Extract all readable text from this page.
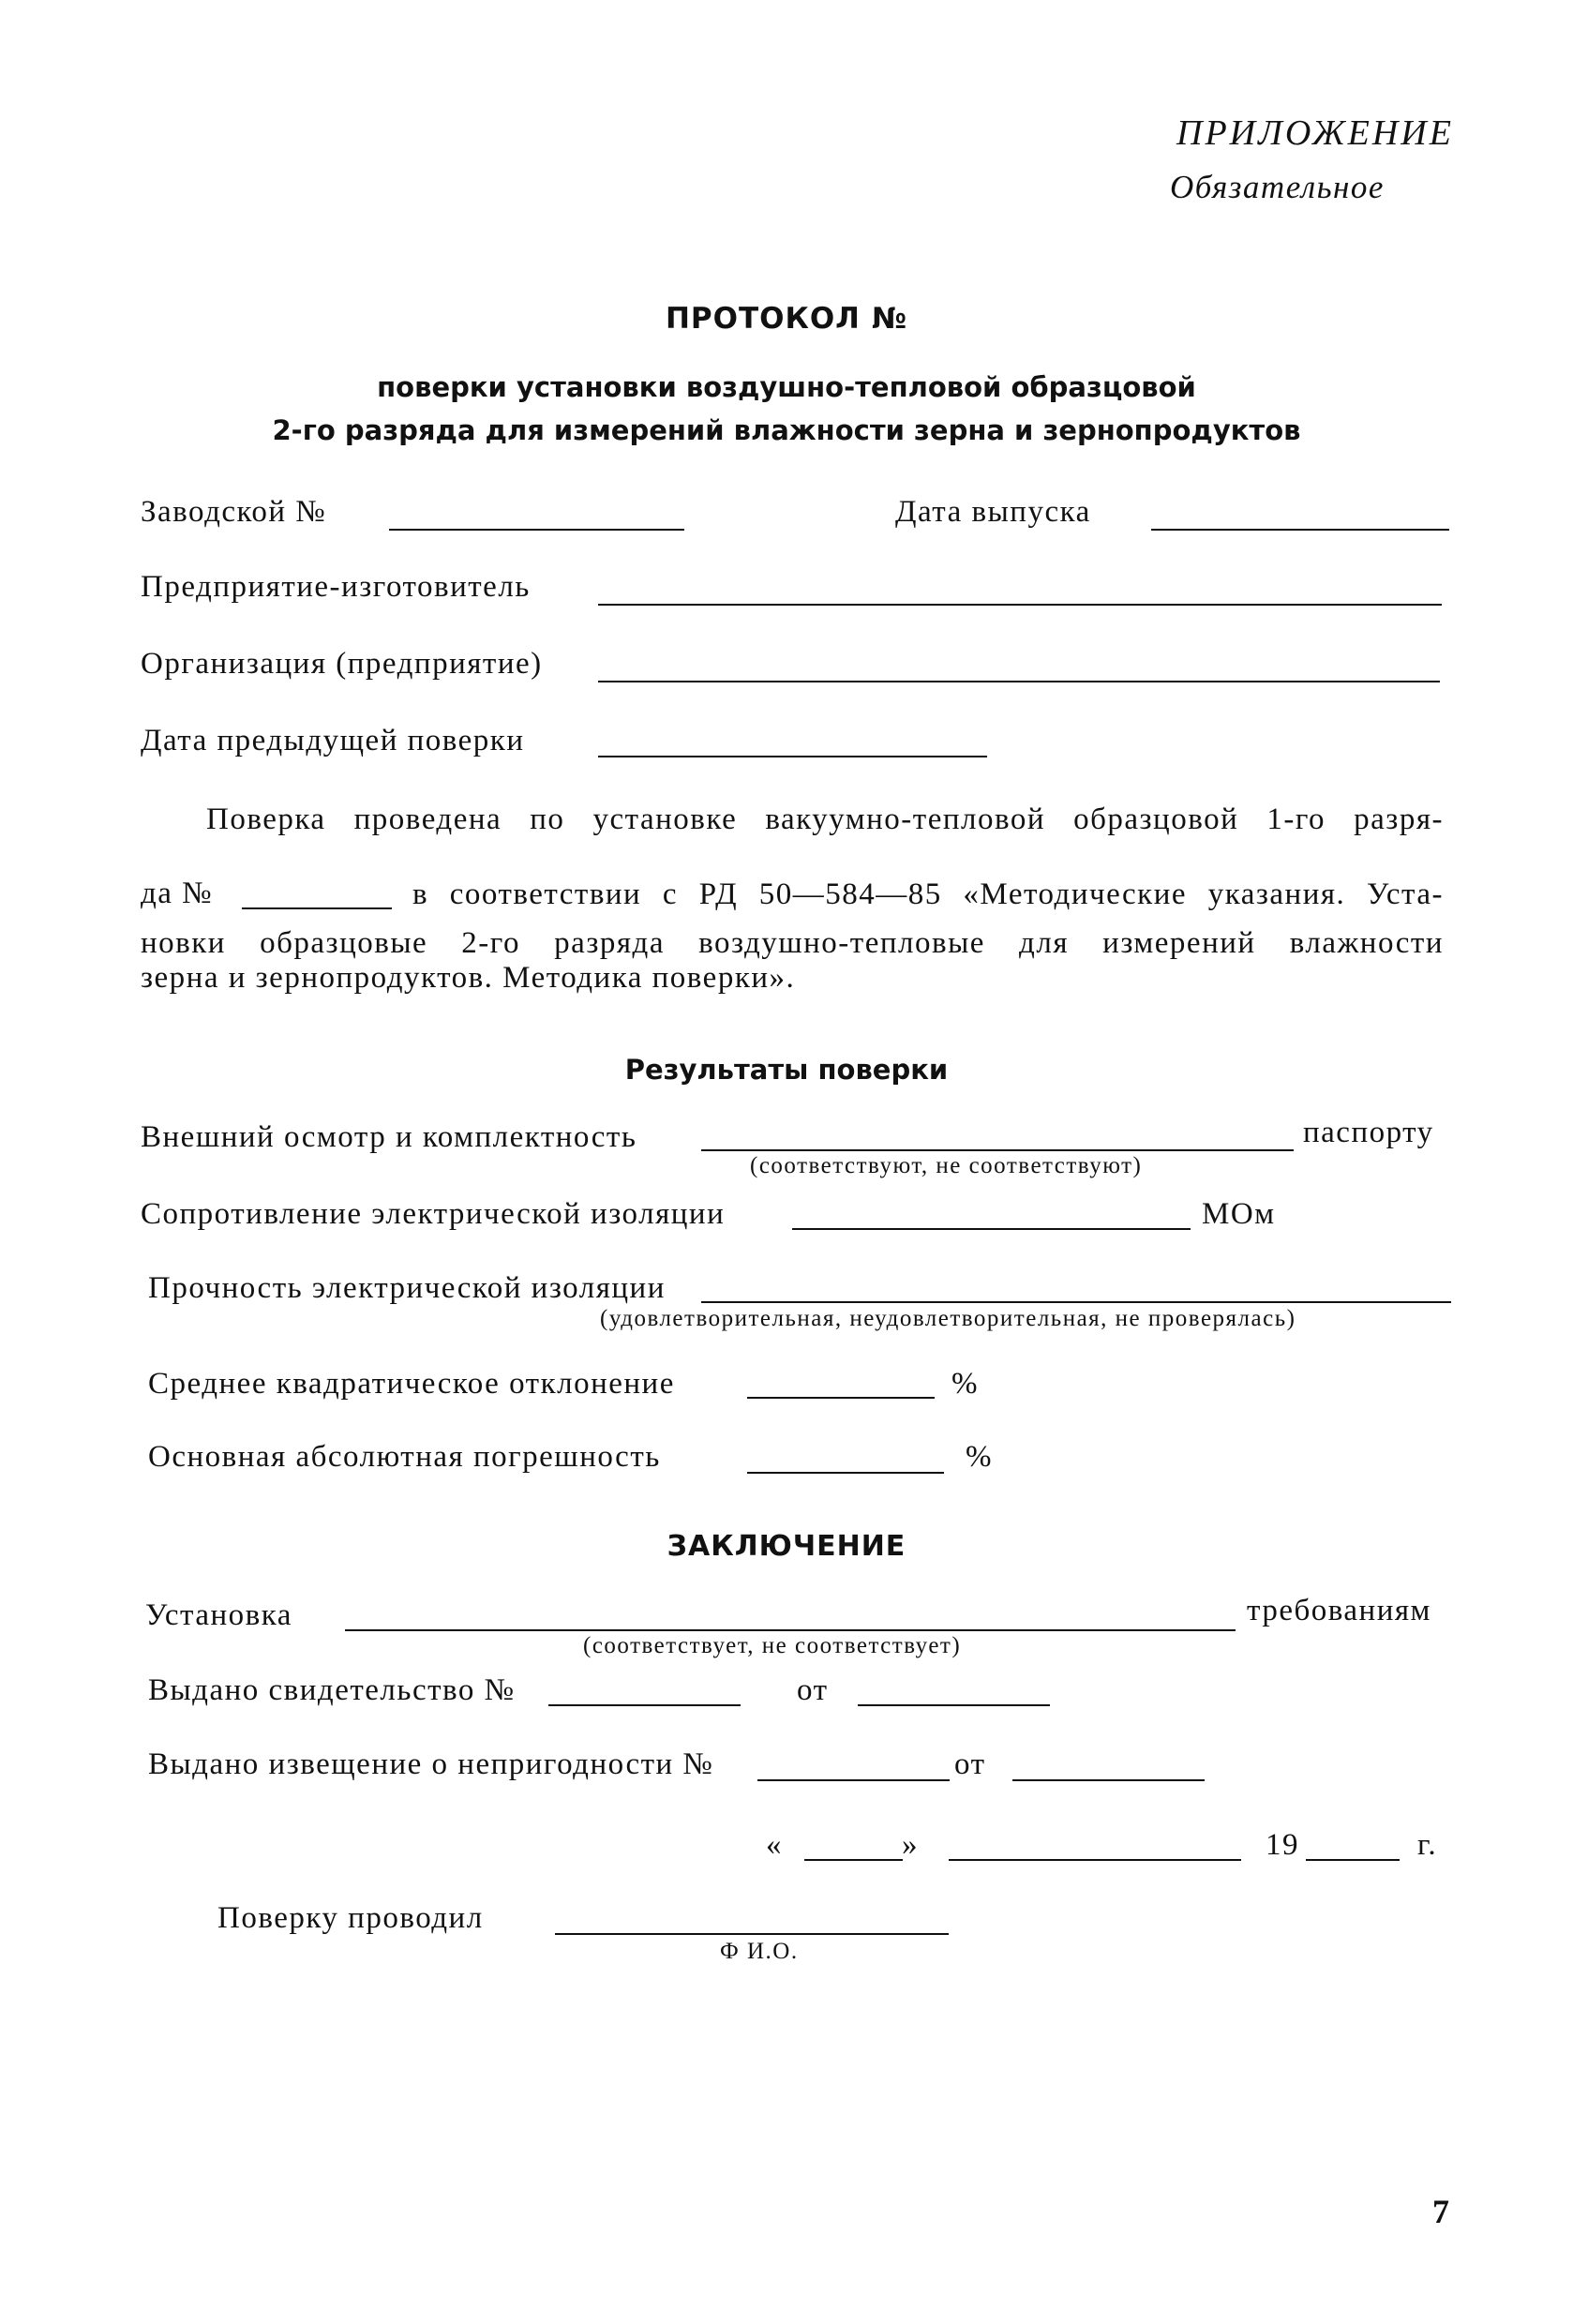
ПРИЛОЖЕНИЕ
Обязательное
ПРОТОКОЛ №
поверки установки воздушно-тепловой образцовой
2-го разряда для измерений влажности зерна и зернопродуктов
Заводской №	Дата выпуска
Предприятие-изготовитель
Организация (предприятие)
Дата предыдущей поверки
Поверка проведена по установке вакуумно-тепловой образцовой 1-го разря-
да №	в соответствии с РД 50—584—85 «Методические указания. Уста-
новки образцовые 2-го разряда воздушно-тепловые для измерений влажности
зерна и зернопродуктов. Методика поверки».
Результаты поверки
Внешний осмотр и комплектность	паспорту
(соответствуют, не соответствуют)
Сопротивление электрической изоляции	МОм
Прочность электрической изоляции
(удовлетворительная, неудовлетворительная, не проверялась)
Среднее квадратическое отклонение	%
Основная абсолютная погрешность	%
ЗАКЛЮЧЕНИЕ
Установка	требованиям
(соответствует, не соответствует)
Выдано свидетельство №	от
Выдано извещение о непригодности №	от
«	»	19	г.
Поверку проводил
Ф И.О.
7
